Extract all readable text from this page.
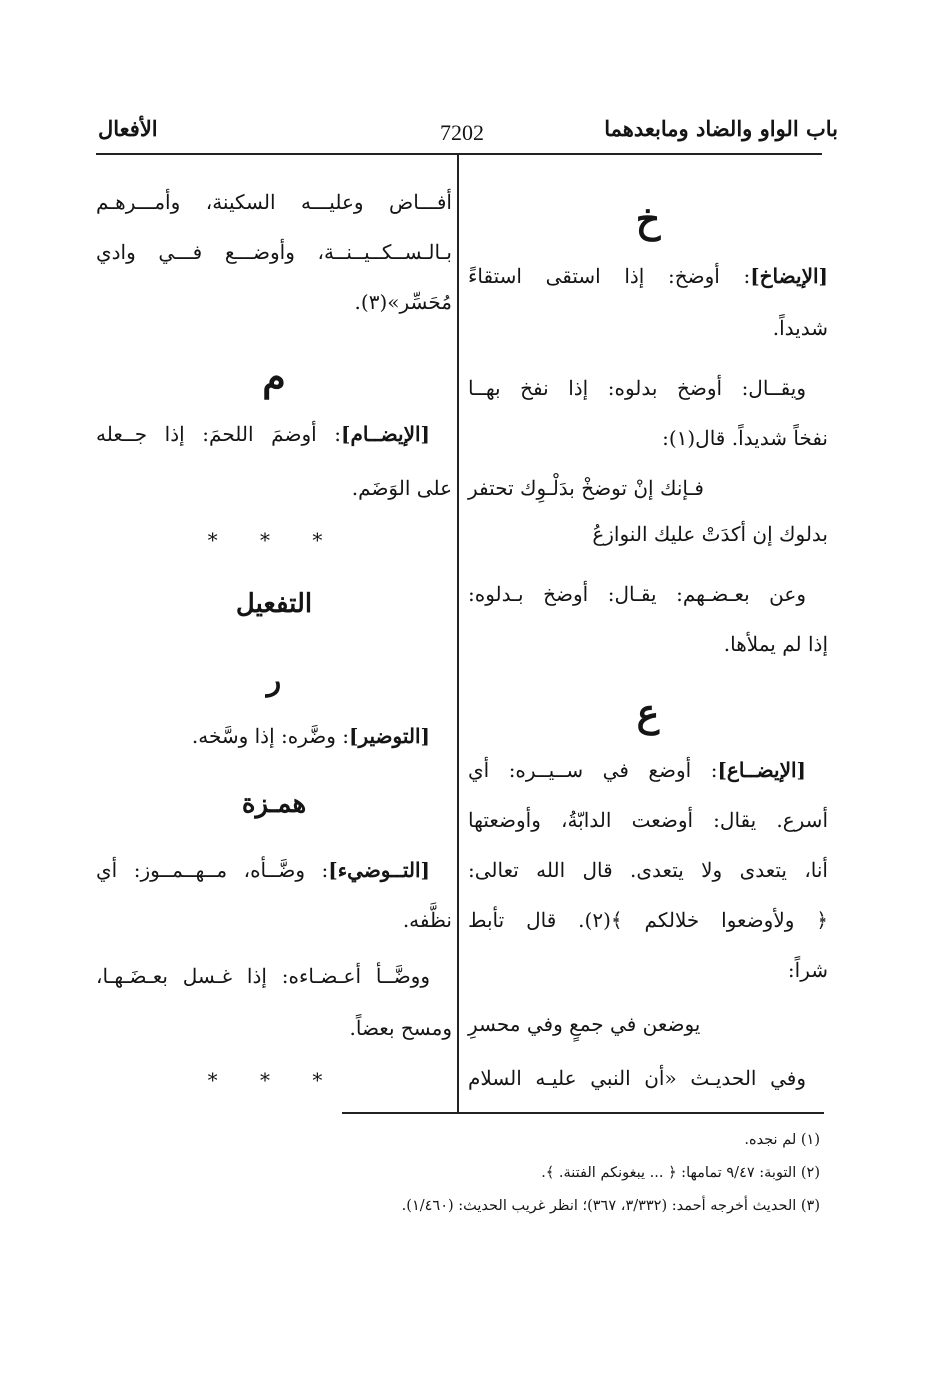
باب الواو والضاد ومابعدهما
7202
الأفعال
خ
[الإيضاخ]: أوضخ: إذا استقى استقاءً
شديداً.
ويقــال: أوضخ بدلوه: إذا نفخ بهــا
نفخاً شديداً. قال(١):
فـإنك إنْ توضخْ بدَلْـوِك تحتفر
بدلوك إن أكدَتْ عليك النوازعُ
وعن بعـضـهم: يقـال: أوضخ بـدلوه:
إذا لم يملأها.
ع
[الإيضــاع]: أوضع في ســيــره: أي
أسرع. يقال: أوضعت الدابّةُ، وأوضعتها
أنا، يتعدى ولا يتعدى. قال الله تعالى:
﴿ ولأوضعوا خلالكم ﴾(٢). قال تأبط
شراً:
يوضعن في جمعٍ وفي محسرِ
وفي الحديـث «أن النبي عليـه السلام
أفـــاض وعليـــه السكينة، وأمـــرهـم
بـالـســكــيــنــة، وأوضـــع فـــي وادي
مُحَسِّر»(٣).
م
[الإيضــام]: أوضمَ اللحمَ: إذا جــعله
على الوَضَم.
* * *
التفعيل
ر
[التوضير]: وضَّره: إذا وسَّخه.
همـزة
[التــوضيء]: وضَّــأه، مــهــمــوز: أي
نظَّفه.
ووضَّــأ أعـضـاءه: إذا غـسل بعـضَـهـا،
ومسح بعضاً.
* * *
(١) لم نجده.
(٢) التوبة: ٩/٤٧ تمامها: ﴿ ... يبغونكم الفتنة. ﴾.
(٣) الحديث أخرجه أحمد: (٣/٣٣٢، ٣٦٧)؛ انظر غريب الحديث: (١/٤٦٠).
